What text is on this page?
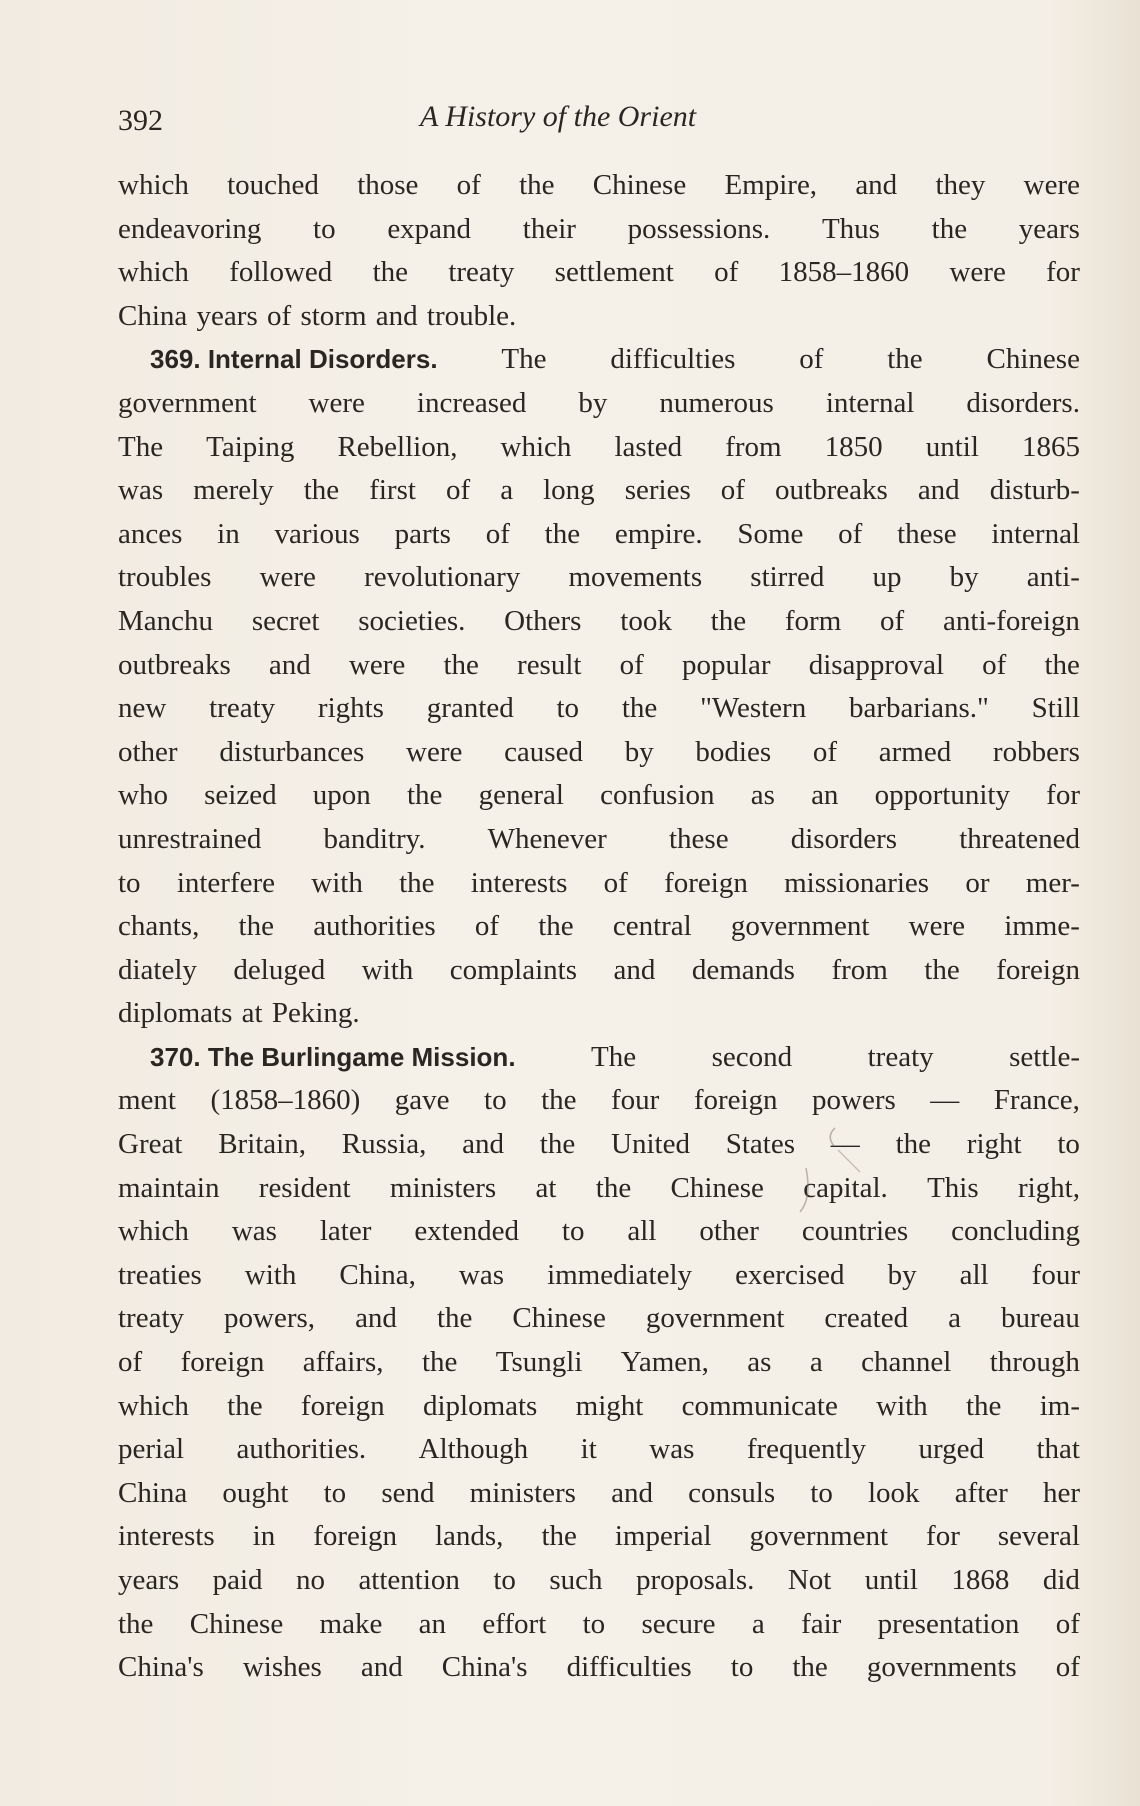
392	A History of the Orient
which touched those of the Chinese Empire, and they were
endeavoring to expand their possessions. Thus the years
which followed the treaty settlement of 1858–1860 were for
China years of storm and trouble.
369. Internal Disorders. The difficulties of the Chinese
government were increased by numerous internal disorders.
The Taiping Rebellion, which lasted from 1850 until 1865
was merely the first of a long series of outbreaks and disturb-
ances in various parts of the empire. Some of these internal
troubles were revolutionary movements stirred up by anti-
Manchu secret societies. Others took the form of anti-foreign
outbreaks and were the result of popular disapproval of the
new treaty rights granted to the "Western barbarians." Still
other disturbances were caused by bodies of armed robbers
who seized upon the general confusion as an opportunity for
unrestrained banditry. Whenever these disorders threatened
to interfere with the interests of foreign missionaries or mer-
chants, the authorities of the central government were imme-
diately deluged with complaints and demands from the foreign
diplomats at Peking.
370. The Burlingame Mission.	The	second	treaty	settle-
ment (1858–1860) gave to the four foreign powers — France,
Great Britain, Russia, and the United States — the right to
maintain resident ministers at the Chinese capital. This right,
which was later extended to all other countries concluding
treaties with China, was immediately exercised by all four
treaty powers, and the Chinese government created a bureau
of foreign affairs, the Tsungli Yamen, as a channel through
which the foreign diplomats might communicate with the im-
perial authorities. Although it was frequently urged that
China ought to send ministers and consuls to look after her
interests in foreign lands, the imperial government for several
years paid no attention to such proposals. Not until 1868 did
the Chinese make an effort to secure a fair presentation of
China's wishes and China's difficulties to the governments of
